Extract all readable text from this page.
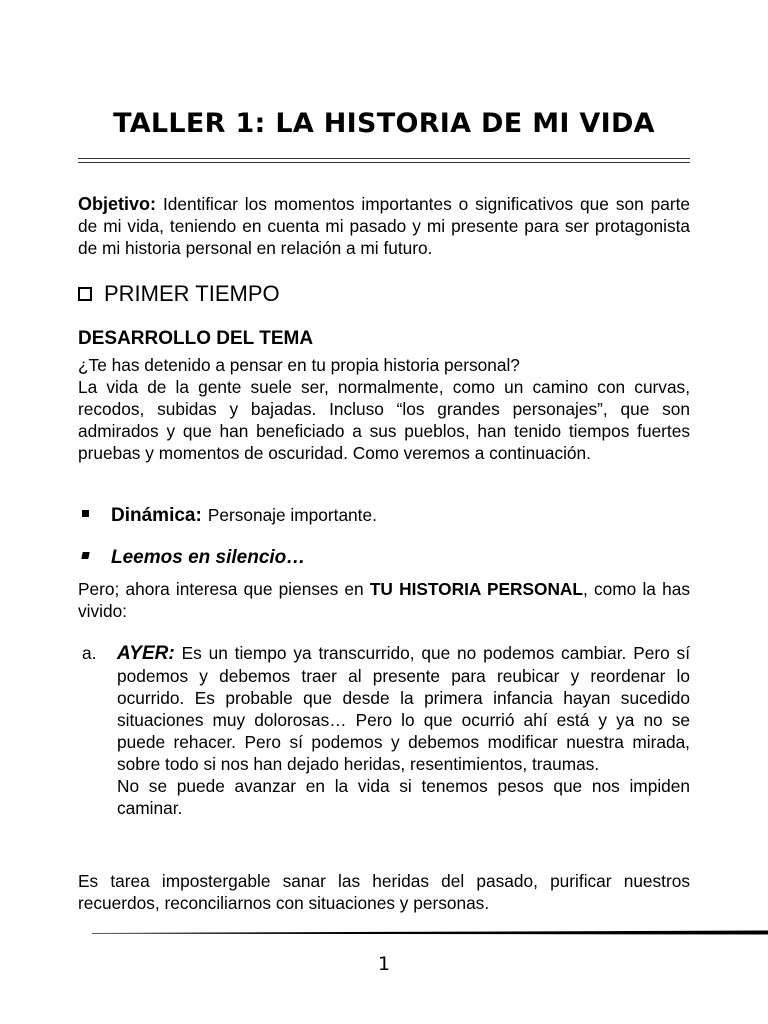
TALLER 1: LA HISTORIA DE MI VIDA

Objetivo: Identificar los momentos importantes o significativos que son parte de mi vida, teniendo en cuenta mi pasado y mi presente para ser protagonista de mi historia personal en relación a mi futuro.

PRIMER TIEMPO
DESARROLLO DEL TEMA

¿Te has detenido a pensar en tu propia historia personal?

La vida de la gente suele ser, normalmente, como un camino con curvas, recodos, subidas y bajadas. Incluso “los grandes personajes”, que son admirados y que han beneficiado a sus pueblos, han tenido tiempos fuertes pruebas y momentos de oscuridad. Como veremos a continuación.

Dinámica: Personaje importante.
Leemos en silencio…

Pero; ahora interesa que pienses en TU HISTORIA PERSONAL, como la has vivido:

a.	AYER: Es un tiempo ya transcurrido, que no podemos cambiar. Pero sí podemos y debemos traer al presente para reubicar y reordenar lo ocurrido. Es probable que desde la primera infancia hayan sucedido situaciones muy dolorosas… Pero lo que ocurrió ahí está y ya no se puede rehacer. Pero sí podemos y debemos modificar nuestra mirada, sobre todo si nos han dejado heridas, resentimientos, traumas.
No se puede avanzar en la vida si tenemos pesos que nos impiden caminar.

Es tarea impostergable sanar las heridas del pasado, purificar nuestros recuerdos, reconciliarnos con situaciones y personas.

1
